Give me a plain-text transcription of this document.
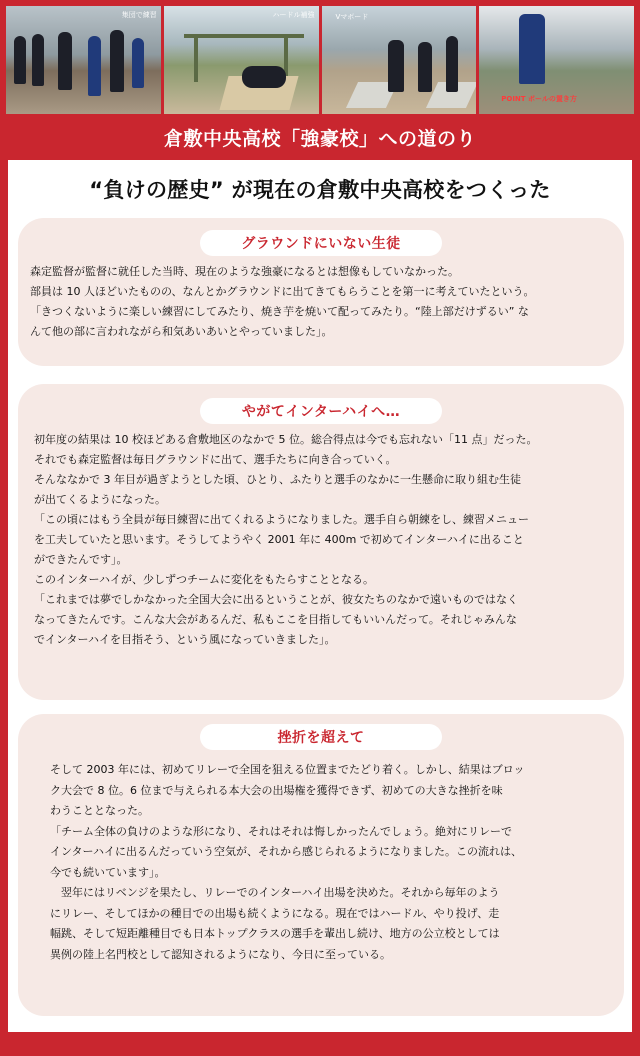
集団で練習	ハードル補強	Vマボード
POINT ボールの置き方
倉敷中央高校「強豪校」への道のり
“負けの歴史” が現在の倉敷中央高校をつくった
グラウンドにいない生徒

森定監督が監督に就任した当時、現在のような強豪になるとは想像もしていなかった。
部員は 10 人ほどいたものの、なんとかグラウンドに出てきてもらうことを第一に考えていたという。
「きつくないように楽しい練習にしてみたり、焼き芋を焼いて配ってみたり。“陸上部だけずるい” な
んて他の部に言われながら和気あいあいとやっていました」。

やがてインターハイへ…

初年度の結果は 10 校ほどある倉敷地区のなかで 5 位。総合得点は今でも忘れない「11 点」だった。
それでも森定監督は毎日グラウンドに出て、選手たちに向き合っていく。
そんななかで 3 年目が過ぎようとした頃、ひとり、ふたりと選手のなかに一生懸命に取り組む生徒
が出てくるようになった。
「この頃にはもう全員が毎日練習に出てくれるようになりました。選手自ら朝練をし、練習メニュー
を工夫していたと思います。そうしてようやく 2001 年に 400m で初めてインターハイに出ること
ができたんです」。
このインターハイが、少しずつチームに変化をもたらすこととなる。
「これまでは夢でしかなかった全国大会に出るということが、彼女たちのなかで遠いものではなく
なってきたんです。こんな大会があるんだ、私もここを目指してもいいんだって。それじゃみんな
でインターハイを目指そう、という風になっていきました」。

挫折を超えて

そして 2003 年には、初めてリレーで全国を狙える位置までたどり着く。しかし、結果はブロッ
ク大会で 8 位。6 位まで与えられる本大会の出場権を獲得できず、初めての大きな挫折を味
わうこととなった。
「チーム全体の負けのような形になり、それはそれは悔しかったんでしょう。絶対にリレーで
インターハイに出るんだっていう空気が、それから感じられるようになりました。この流れは、
今でも続いています」。
　翌年にはリベンジを果たし、リレーでのインターハイ出場を決めた。それから毎年のよう
にリレー、そしてほかの種目での出場も続くようになる。現在ではハードル、やり投げ、走
幅跳、そして短距離種目でも日本トップクラスの選手を輩出し続け、地方の公立校としては
異例の陸上名門校として認知されるようになり、今日に至っている。
